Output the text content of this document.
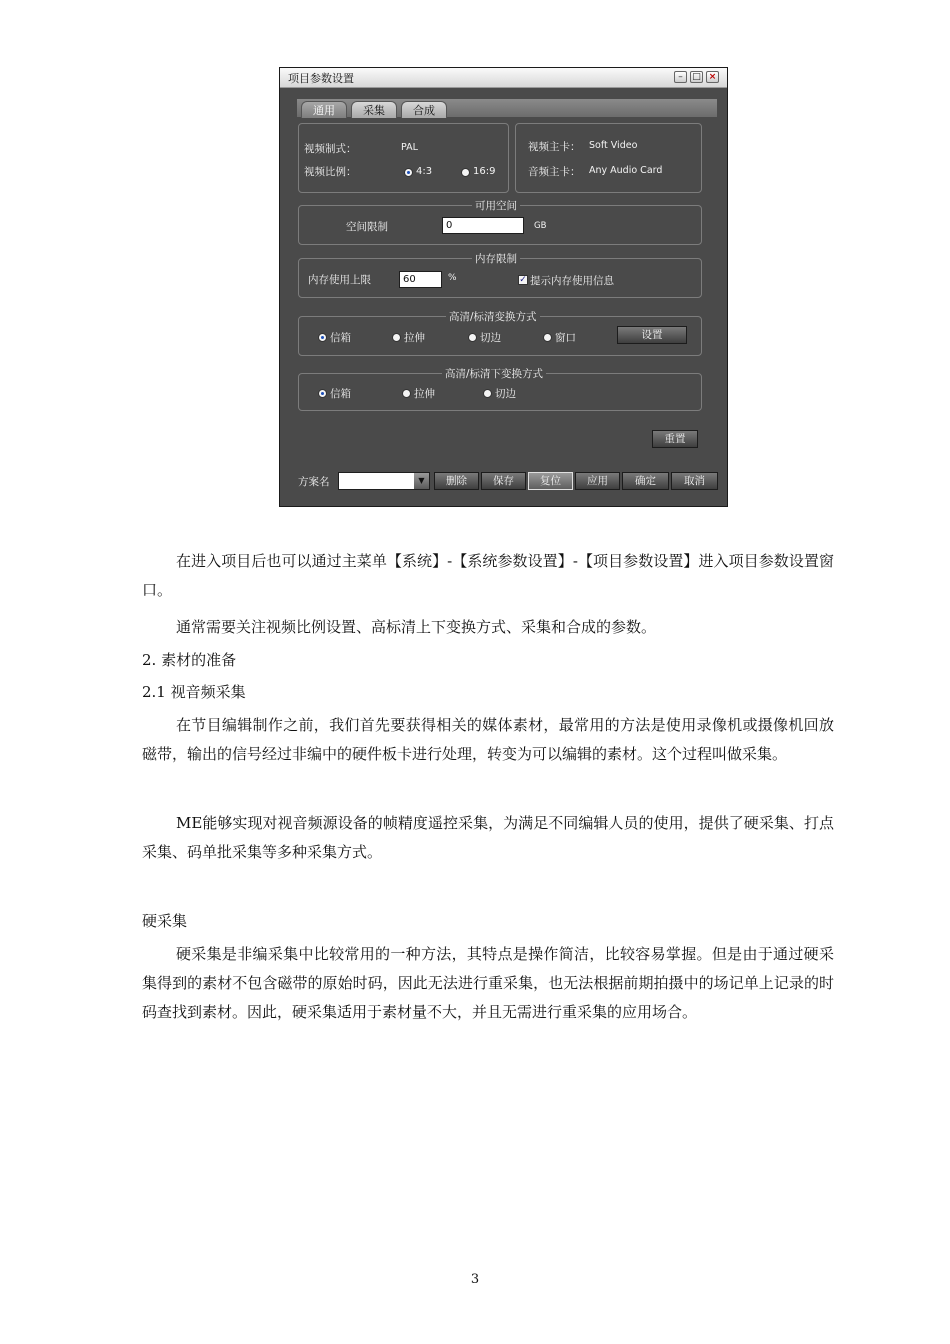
项目参数设置	–	□ ×
通用	采集	合成
视频制式：	PAL
视频比例：	4:3	16:9
视频主卡： Soft Video
音频主卡： Any Audio Card
可用空间
空间限制	0	GB
内存限制
内存使用上限	60	%	✓ 提示内存使用信息
高清/标清变换方式
信箱	拉伸	切边	窗口	设置
高清/标清下变换方式
信箱	拉伸	切边
重置
方案名	▼	删除	保存	复位	应用	确定	取消

在进入项目后也可以通过主菜单【系统】-【系统参数设置】-【项目参数设置】进入项目参数设置窗口。

通常需要关注视频比例设置、高标清上下变换方式、采集和合成的参数。

2. 素材的准备

2.1 视音频采集

在节目编辑制作之前，我们首先要获得相关的媒体素材，最常用的方法是使用录像机或摄像机回放磁带，输出的信号经过非编中的硬件板卡进行处理，转变为可以编辑的素材。这个过程叫做采集。

ME能够实现对视音频源设备的帧精度遥控采集，为满足不同编辑人员的使用，提供了硬采集、打点采集、码单批采集等多种采集方式。

硬采集

硬采集是非编采集中比较常用的一种方法，其特点是操作简洁，比较容易掌握。但是由于通过硬采集得到的素材不包含磁带的原始时码，因此无法进行重采集，也无法根据前期拍摄中的场记单上记录的时码查找到素材。因此，硬采集适用于素材量不大，并且无需进行重采集的应用场合。

3
